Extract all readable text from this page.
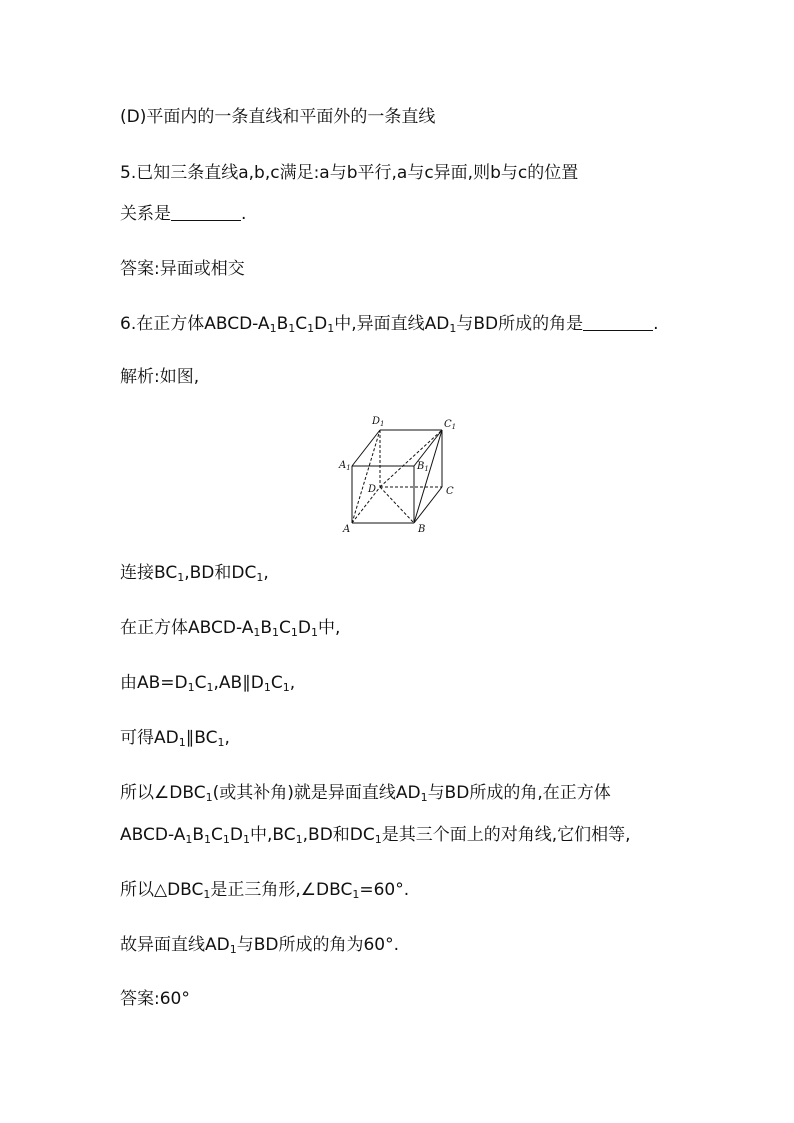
(D)平面内的一条直线和平面外的一条直线
5.已知三条直线a,b,c满足:a与b平行,a与c异面,则b与c的位置
关系是	.
答案:异面或相交
6.在正方体ABCD-$A_1B_1C_1D_1$中,异面直线$AD_1$与BD所成的角是	.
解析:如图,
$D_1$	$C_1$
$A_1$	$B_1$
D	C
A	B
连接$BC_1,BD$和$DC_1$,
在正方体ABCD-$A_1B_1C_1D_1$中,
由$AB=D_1C_1,AB\parallel D_1C_1$,
可得$AD_1\parallel BC_1$,
所以$\angle DBC_1$(或其补角)就是异面直线$AD_1$与BD所成的角,在正方体
ABCD-$A_1B_1C_1D_1$中$,BC_1,BD$和$DC_1$是其三个面上的对角线,它们相等,
所以$\triangle DBC_1$是正三角形$,\angle DBC_1=60^\circ$.
故异面直线$AD_1$与BD所成的角为60°.
答案:60°
